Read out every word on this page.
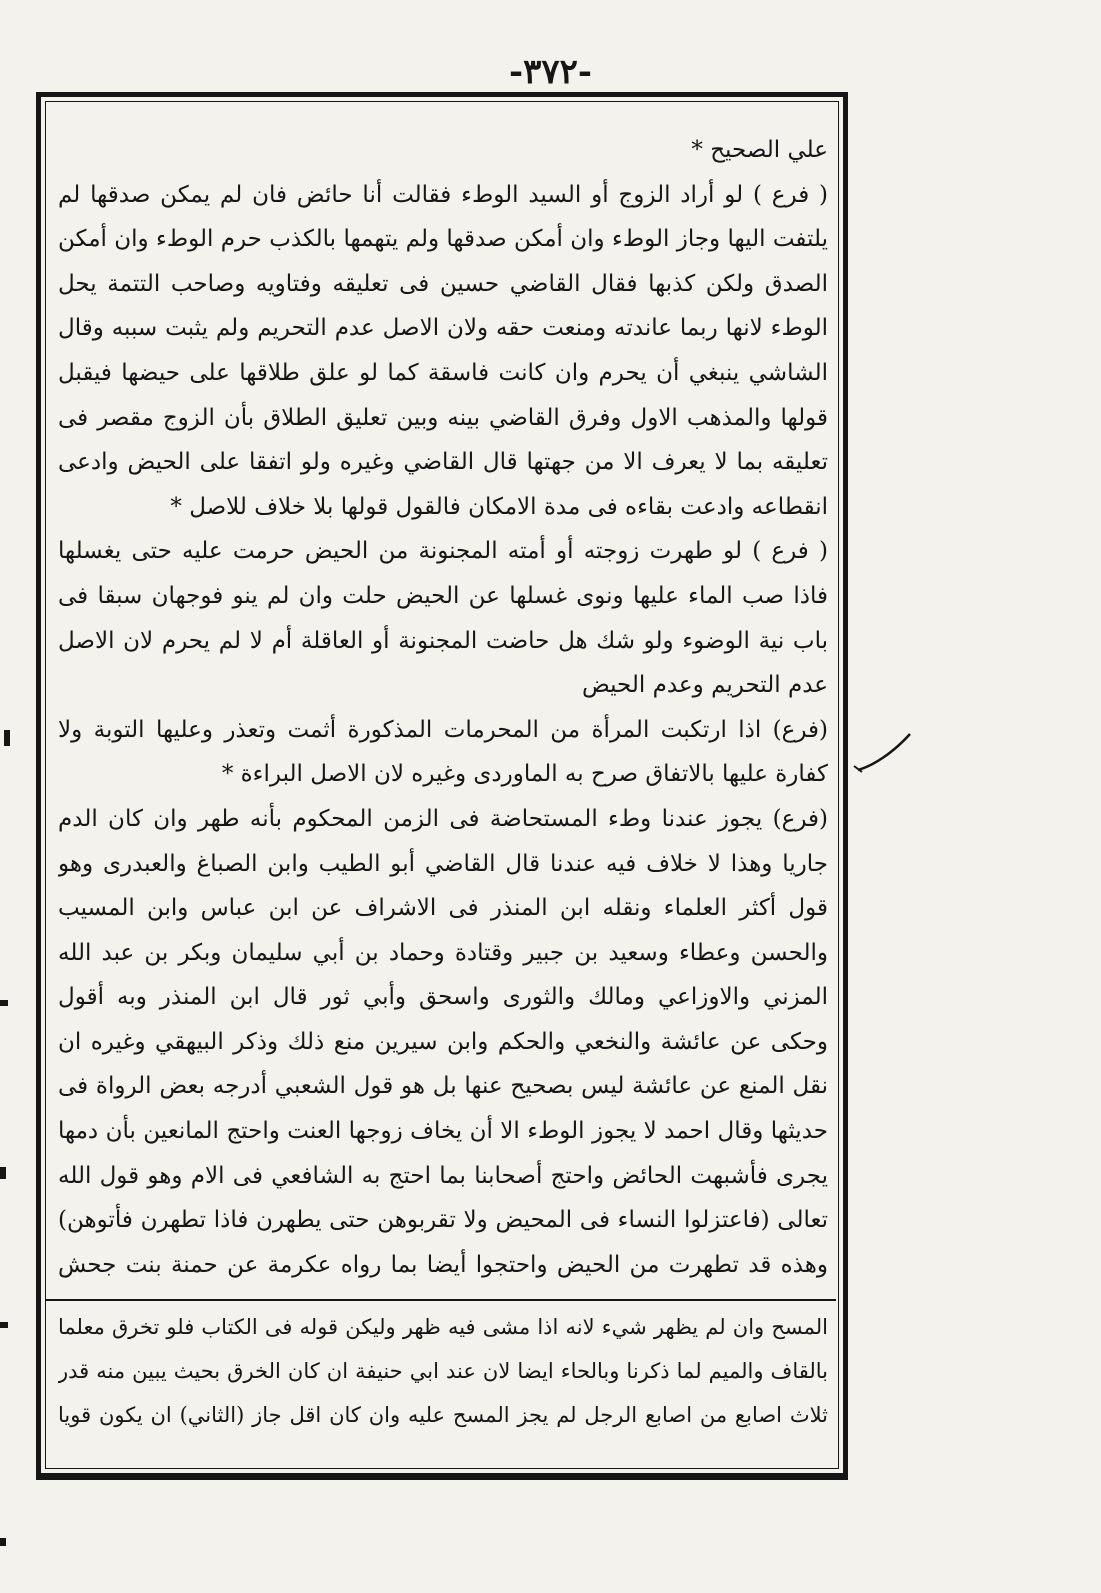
-٣٧٢-

علي الصحيح *

( فرع ) لو أراد الزوج أو السيد الوطء فقالت أنا حائض فان لم يمكن صدقها لم يلتفت اليها وجاز الوطء وان أمكن صدقها ولم يتهمها بالكذب حرم الوطء وان أمكن الصدق ولكن كذبها فقال القاضي حسين فى تعليقه وفتاويه وصاحب التتمة يحل الوطء لانها ربما عاندته ومنعت حقه ولان الاصل عدم التحريم ولم يثبت سببه وقال الشاشي ينبغي أن يحرم وان كانت فاسقة كما لو علق طلاقها على حيضها فيقبل قولها والمذهب الاول وفرق القاضي بينه وبين تعليق الطلاق بأن الزوج مقصر فى تعليقه بما لا يعرف الا من جهتها قال القاضي وغيره ولو اتفقا على الحيض وادعى انقطاعه وادعت بقاءه فى مدة الامكان فالقول قولها بلا خلاف للاصل *

( فرع ) لو طهرت زوجته أو أمته المجنونة من الحيض حرمت عليه حتى يغسلها فاذا صب الماء عليها ونوى غسلها عن الحيض حلت وان لم ينو فوجهان سبقا فى باب نية الوضوء ولو شك هل حاضت المجنونة أو العاقلة أم لا لم يحرم لان الاصل عدم التحريم وعدم الحيض

(فرع) اذا ارتكبت المرأة من المحرمات المذكورة أثمت وتعذر وعليها التوبة ولا كفارة عليها بالاتفاق صرح به الماوردى وغيره لان الاصل البراءة *

(فرع) يجوز عندنا وطء المستحاضة فى الزمن المحكوم بأنه طهر وان كان الدم جاريا وهذا لا خلاف فيه عندنا قال القاضي أبو الطيب وابن الصباغ والعبدرى وهو قول أكثر العلماء ونقله ابن المنذر فى الاشراف عن ابن عباس وابن المسيب والحسن وعطاء وسعيد بن جبير وقتادة وحماد بن أبي سليمان وبكر بن عبد الله المزني والاوزاعي ومالك والثورى واسحق وأبي ثور قال ابن المنذر وبه أقول وحكى عن عائشة والنخعي والحكم وابن سيرين منع ذلك وذكر البيهقي وغيره ان نقل المنع عن عائشة ليس بصحيح عنها بل هو قول الشعبي أدرجه بعض الرواة فى حديثها وقال احمد لا يجوز الوطء الا أن يخاف زوجها العنت واحتج المانعين بأن دمها يجرى فأشبهت الحائض واحتج أصحابنا بما احتج به الشافعي فى الام وهو قول الله تعالى (فاعتزلوا النساء فى المحيض ولا تقربوهن حتى يطهرن فاذا تطهرن فأتوهن) وهذه قد تطهرت من الحيض واحتجوا أيضا بما رواه عكرمة عن حمنة بنت جحش

المسح وان لم يظهر شيء لانه اذا مشى فيه ظهر وليكن قوله فى الكتاب فلو تخرق معلما بالقاف والميم لما ذكرنا وبالحاء ايضا لان عند ابي حنيفة ان كان الخرق بحيث يبين منه قدر ثلاث اصابع من اصابع الرجل لم يجز المسح عليه وان كان اقل جاز (الثاني) ان يكون قويا
